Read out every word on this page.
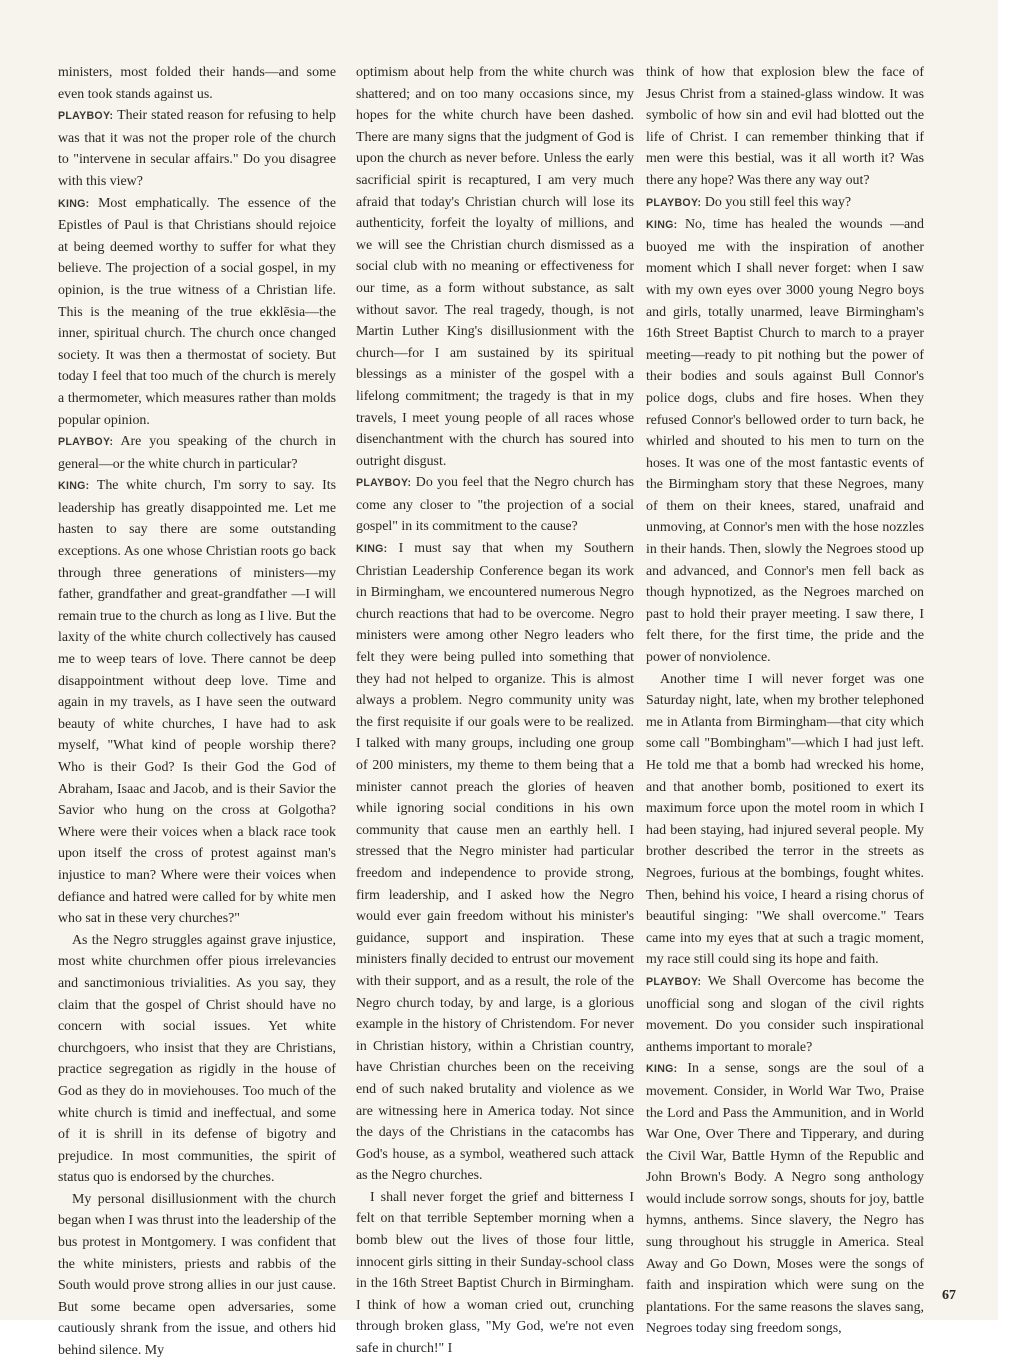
ministers, most folded their hands—and some even took stands against us.

PLAYBOY: Their stated reason for refusing to help was that it was not the proper role of the church to "intervene in secular affairs." Do you disagree with this view?

KING: Most emphatically. The essence of the Epistles of Paul is that Christians should rejoice at being deemed worthy to suffer for what they believe. The projection of a social gospel, in my opinion, is the true witness of a Christian life. This is the meaning of the true ekklēsia—the inner, spiritual church. The church once changed society. It was then a thermostat of society. But today I feel that too much of the church is merely a thermometer, which measures rather than molds popular opinion.

PLAYBOY: Are you speaking of the church in general—or the white church in particular?

KING: The white church, I'm sorry to say. Its leadership has greatly disappointed me. Let me hasten to say there are some outstanding exceptions. As one whose Christian roots go back through three generations of ministers—my father, grandfather and great-grandfather —I will remain true to the church as long as I live. But the laxity of the white church collectively has caused me to weep tears of love. There cannot be deep disappointment without deep love. Time and again in my travels, as I have seen the outward beauty of white churches, I have had to ask myself, "What kind of people worship there? Who is their God? Is their God the God of Abraham, Isaac and Jacob, and is their Savior the Savior who hung on the cross at Golgotha? Where were their voices when a black race took upon itself the cross of protest against man's injustice to man? Where were their voices when defiance and hatred were called for by white men who sat in these very churches?"

As the Negro struggles against grave injustice, most white churchmen offer pious irrelevancies and sanctimonious trivialities. As you say, they claim that the gospel of Christ should have no concern with social issues. Yet white churchgoers, who insist that they are Christians, practice segregation as rigidly in the house of God as they do in moviehouses. Too much of the white church is timid and ineffectual, and some of it is shrill in its defense of bigotry and prejudice. In most communities, the spirit of status quo is endorsed by the churches.

My personal disillusionment with the church began when I was thrust into the leadership of the bus protest in Montgomery. I was confident that the white ministers, priests and rabbis of the South would prove strong allies in our just cause. But some became open adversaries, some cautiously shrank from the issue, and others hid behind silence. My

optimism about help from the white church was shattered; and on too many occasions since, my hopes for the white church have been dashed. There are many signs that the judgment of God is upon the church as never before. Unless the early sacrificial spirit is recaptured, I am very much afraid that today's Christian church will lose its authenticity, forfeit the loyalty of millions, and we will see the Christian church dismissed as a social club with no meaning or effectiveness for our time, as a form without substance, as salt without savor. The real tragedy, though, is not Martin Luther King's disillusionment with the church—for I am sustained by its spiritual blessings as a minister of the gospel with a lifelong commitment; the tragedy is that in my travels, I meet young people of all races whose disenchantment with the church has soured into outright disgust.

PLAYBOY: Do you feel that the Negro church has come any closer to "the projection of a social gospel" in its commitment to the cause?

KING: I must say that when my Southern Christian Leadership Conference began its work in Birmingham, we encountered numerous Negro church reactions that had to be overcome. Negro ministers were among other Negro leaders who felt they were being pulled into something that they had not helped to organize. This is almost always a problem. Negro community unity was the first requisite if our goals were to be realized. I talked with many groups, including one group of 200 ministers, my theme to them being that a minister cannot preach the glories of heaven while ignoring social conditions in his own community that cause men an earthly hell. I stressed that the Negro minister had particular freedom and independence to provide strong, firm leadership, and I asked how the Negro would ever gain freedom without his minister's guidance, support and inspiration. These ministers finally decided to entrust our movement with their support, and as a result, the role of the Negro church today, by and large, is a glorious example in the history of Christendom. For never in Christian history, within a Christian country, have Christian churches been on the receiving end of such naked brutality and violence as we are witnessing here in America today. Not since the days of the Christians in the catacombs has God's house, as a symbol, weathered such attack as the Negro churches.

I shall never forget the grief and bitterness I felt on that terrible September morning when a bomb blew out the lives of those four little, innocent girls sitting in their Sunday-school class in the 16th Street Baptist Church in Birmingham. I think of how a woman cried out, crunching through broken glass, "My God, we're not even safe in church!" I

think of how that explosion blew the face of Jesus Christ from a stained-glass window. It was symbolic of how sin and evil had blotted out the life of Christ. I can remember thinking that if men were this bestial, was it all worth it? Was there any hope? Was there any way out?

PLAYBOY: Do you still feel this way?

KING: No, time has healed the wounds —and buoyed me with the inspiration of another moment which I shall never forget: when I saw with my own eyes over 3000 young Negro boys and girls, totally unarmed, leave Birmingham's 16th Street Baptist Church to march to a prayer meeting—ready to pit nothing but the power of their bodies and souls against Bull Connor's police dogs, clubs and fire hoses. When they refused Connor's bellowed order to turn back, he whirled and shouted to his men to turn on the hoses. It was one of the most fantastic events of the Birmingham story that these Negroes, many of them on their knees, stared, unafraid and unmoving, at Connor's men with the hose nozzles in their hands. Then, slowly the Negroes stood up and advanced, and Connor's men fell back as though hypnotized, as the Negroes marched on past to hold their prayer meeting. I saw there, I felt there, for the first time, the pride and the power of nonviolence.

Another time I will never forget was one Saturday night, late, when my brother telephoned me in Atlanta from Birmingham—that city which some call "Bombingham"—which I had just left. He told me that a bomb had wrecked his home, and that another bomb, positioned to exert its maximum force upon the motel room in which I had been staying, had injured several people. My brother described the terror in the streets as Negroes, furious at the bombings, fought whites. Then, behind his voice, I heard a rising chorus of beautiful singing: "We shall overcome." Tears came into my eyes that at such a tragic moment, my race still could sing its hope and faith.

PLAYBOY: We Shall Overcome has become the unofficial song and slogan of the civil rights movement. Do you consider such inspirational anthems important to morale?

KING: In a sense, songs are the soul of a movement. Consider, in World War Two, Praise the Lord and Pass the Ammunition, and in World War One, Over There and Tipperary, and during the Civil War, Battle Hymn of the Republic and John Brown's Body. A Negro song anthology would include sorrow songs, shouts for joy, battle hymns, anthems. Since slavery, the Negro has sung throughout his struggle in America. Steal Away and Go Down, Moses were the songs of faith and inspiration which were sung on the plantations. For the same reasons the slaves sang, Negroes today sing freedom songs,

67
